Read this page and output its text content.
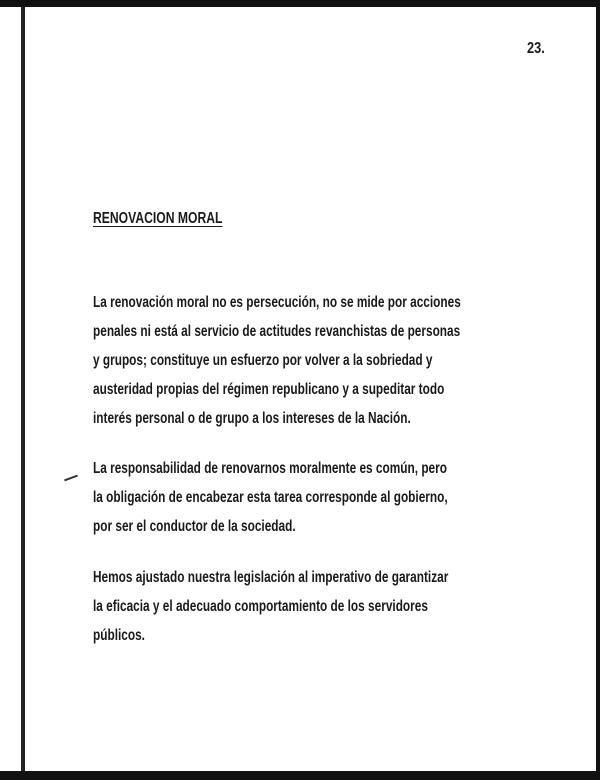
23.
RENOVACION MORAL
La renovación moral no es persecución, no se mide por acciones
penales ni está al servicio de actitudes revanchistas de personas
y grupos; constituye un esfuerzo por volver a la sobriedad y
austeridad propias del régimen republicano y a supeditar todo
interés personal o de grupo a los intereses de la Nación.
La responsabilidad de renovarnos moralmente es común, pero
la obligación de encabezar esta tarea corresponde al gobierno,
por ser el conductor de la sociedad.
Hemos ajustado nuestra legislación al imperativo de garantizar
la eficacia y el adecuado comportamiento de los servidores
públicos.
